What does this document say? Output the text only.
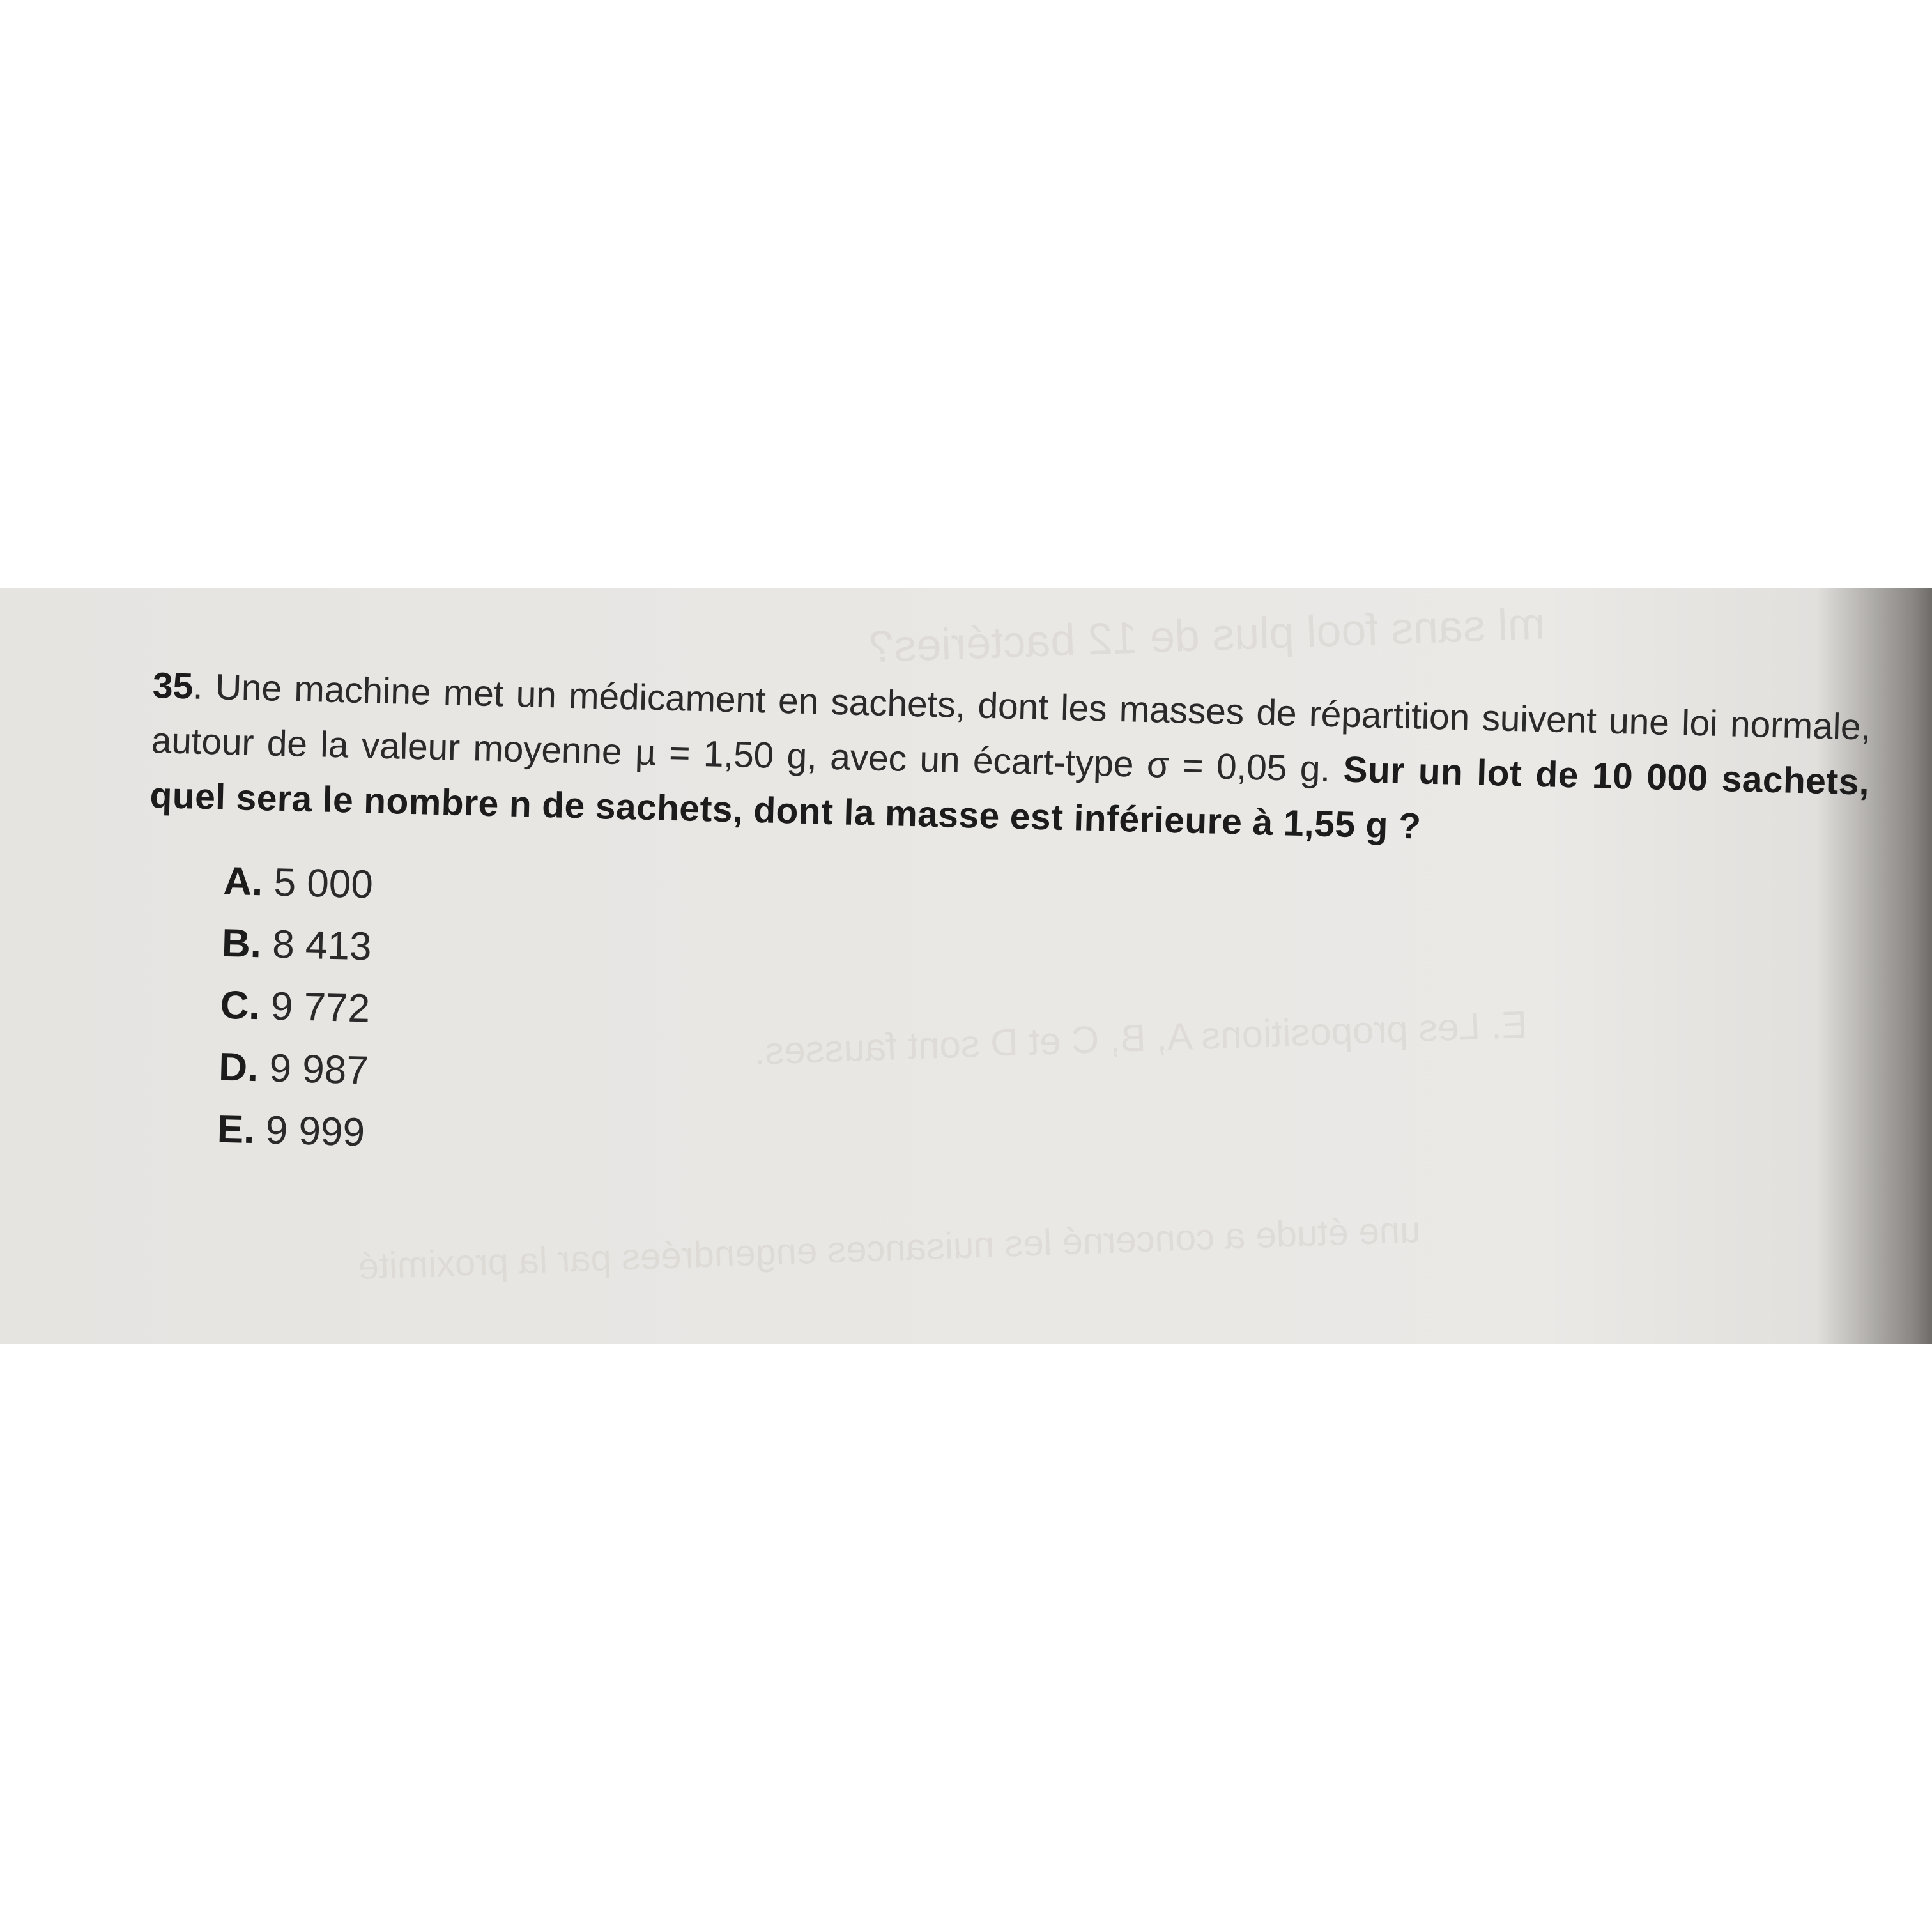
ml sans fool plus de 12 bactéries?
E. Les propositions A, B, C et D sont fausses.
une étude a concerné les nuisances engendrées par la proximité

35. Une machine met un médicament en sachets, dont les masses de répartition suivent une loi normale, autour de la valeur moyenne µ = 1,50 g, avec un écart-type σ = 0,05 g. Sur un lot de 10 000 sachets, quel sera le nombre n de sachets, dont la masse est inférieure à 1,55 g ?

A. 5 000
B. 8 413
C. 9 772
D. 9 987
E. 9 999
